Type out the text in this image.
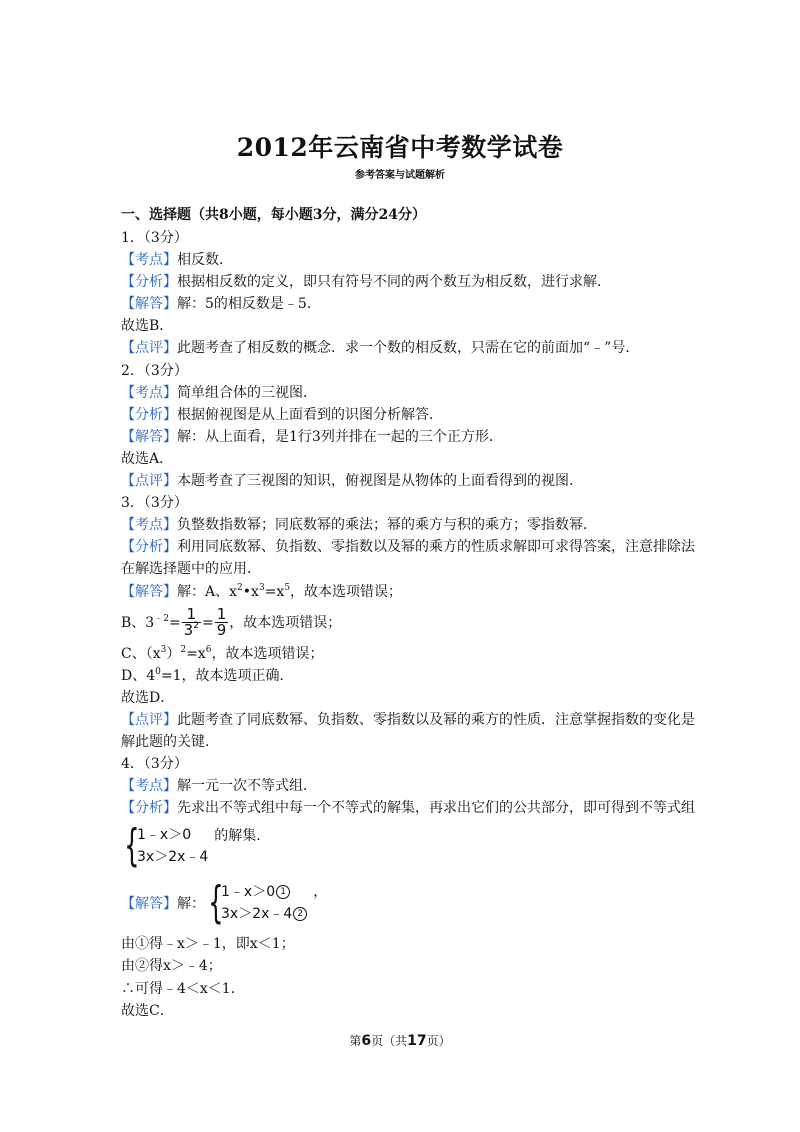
2012年云南省中考数学试卷
参考答案与试题解析
一、选择题（共8小题，每小题3分，满分24分）
1．（3分）
【考点】相反数．
【分析】根据相反数的定义，即只有符号不同的两个数互为相反数，进行求解．
【解答】解：5的相反数是﹣5．
故选B．
【点评】此题考查了相反数的概念．求一个数的相反数，只需在它的前面加“﹣”号．
2．（3分）
【考点】简单组合体的三视图．
【分析】根据俯视图是从上面看到的识图分析解答．
【解答】解：从上面看，是1行3列并排在一起的三个正方形．
故选A．
【点评】本题考查了三视图的知识，俯视图是从物体的上面看得到的视图．
3．（3分）
【考点】负整数指数幂；同底数幂的乘法；幂的乘方与积的乘方；零指数幂．
【分析】利用同底数幂、负指数、零指数以及幂的乘方的性质求解即可求得答案，注意排除法
在解选择题中的应用．
【解答】解：A、$x^2•x^3=x^5$，故本选项错误；
B、$3^{﹣2}= \frac{1}{3^2} = \frac{1}{9}$ ，故本选项错误；
C、$(x^3)^2=x^6$，故本选项错误；
D、$4^0=1$，故本选项正确．
故选D．
【点评】此题考查了同底数幂、负指数、零指数以及幂的乘方的性质．注意掌握指数的变化是
解此题的关键．
4．（3分）
【考点】解一元一次不等式组．
【分析】先求出不等式组中每一个不等式的解集，再求出它们的公共部分，即可得到不等式组
{
1﹣x＞0
3x＞2x﹣4
的解集．
【解答】 解： {
1﹣x＞0 1
3x＞2x﹣4 2
，
由①得﹣x＞﹣1，即x＜1；
由②得x＞﹣4；
∴可得﹣4＜x＜1．
故选C．
第6页（共17页）
